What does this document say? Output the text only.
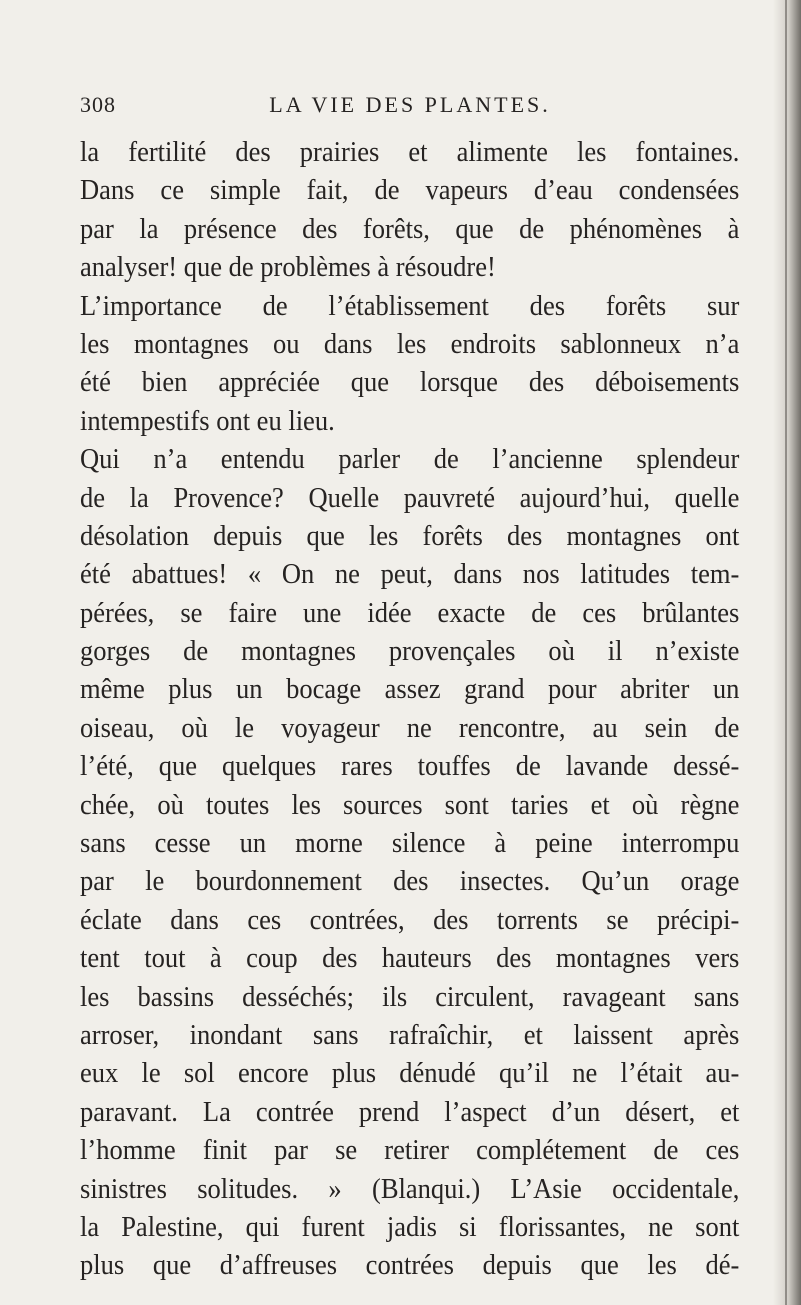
308	LA VIE DES PLANTES.
la fertilité des prairies et alimente les fontaines.
Dans ce simple fait, de vapeurs d’eau condensées
par la présence des forêts, que de phénomènes à
analyser! que de problèmes à résoudre!
L’importance de l’établissement des forêts sur
les montagnes ou dans les endroits sablonneux n’a
été bien appréciée que lorsque des déboisements
intempestifs ont eu lieu.
Qui n’a entendu parler de l’ancienne splendeur
de la Provence? Quelle pauvreté aujourd’hui, quelle
désolation depuis que les forêts des montagnes ont
été abattues! « On ne peut, dans nos latitudes tem-
pérées, se faire une idée exacte de ces brûlantes
gorges de montagnes provençales où il n’existe
même plus un bocage assez grand pour abriter un
oiseau, où le voyageur ne rencontre, au sein de
l’été, que quelques rares touffes de lavande dessé-
chée, où toutes les sources sont taries et où règne
sans cesse un morne silence à peine interrompu
par le bourdonnement des insectes. Qu’un orage
éclate dans ces contrées, des torrents se précipi-
tent tout à coup des hauteurs des montagnes vers
les bassins desséchés; ils circulent, ravageant sans
arroser, inondant sans rafraîchir, et laissent après
eux le sol encore plus dénudé qu’il ne l’était au-
paravant. La contrée prend l’aspect d’un désert, et
l’homme finit par se retirer complétement de ces
sinistres solitudes. » (Blanqui.) L’Asie occidentale,
la Palestine, qui furent jadis si florissantes, ne sont
plus que d’affreuses contrées depuis que les dé-
